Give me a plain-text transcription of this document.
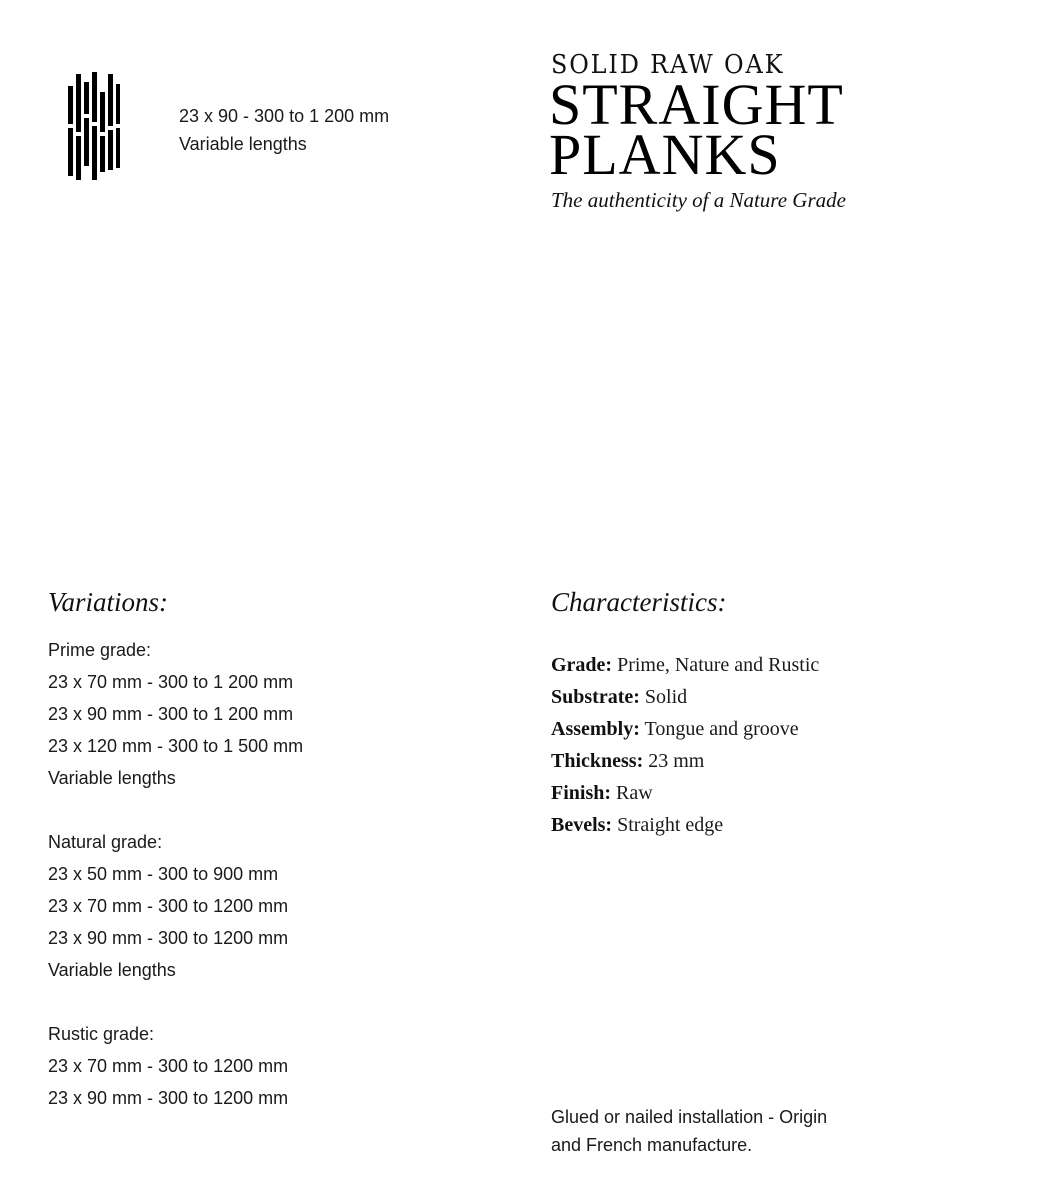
23 x 90 - 300 to 1 200 mm
Variable lengths
SOLID RAW OAK
STRAIGHT
PLANKS
The authenticity of a Nature Grade
Variations:
Prime grade:
23 x 70 mm - 300 to 1 200 mm
23 x 90 mm - 300 to 1 200 mm
23 x 120 mm - 300 to 1 500 mm
Variable lengths
Natural grade:
23 x 50 mm - 300 to 900 mm
23 x 70 mm - 300 to 1200 mm
23 x 90 mm - 300 to 1200 mm
Variable lengths
Rustic grade:
23 x 70 mm - 300 to 1200 mm
23 x 90 mm - 300 to 1200 mm
Characteristics:
Grade: Prime, Nature and Rustic
Substrate: Solid
Assembly: Tongue and groove
Thickness: 23 mm
Finish: Raw
Bevels: Straight edge
Glued or nailed installation - Origin and French manufacture.
